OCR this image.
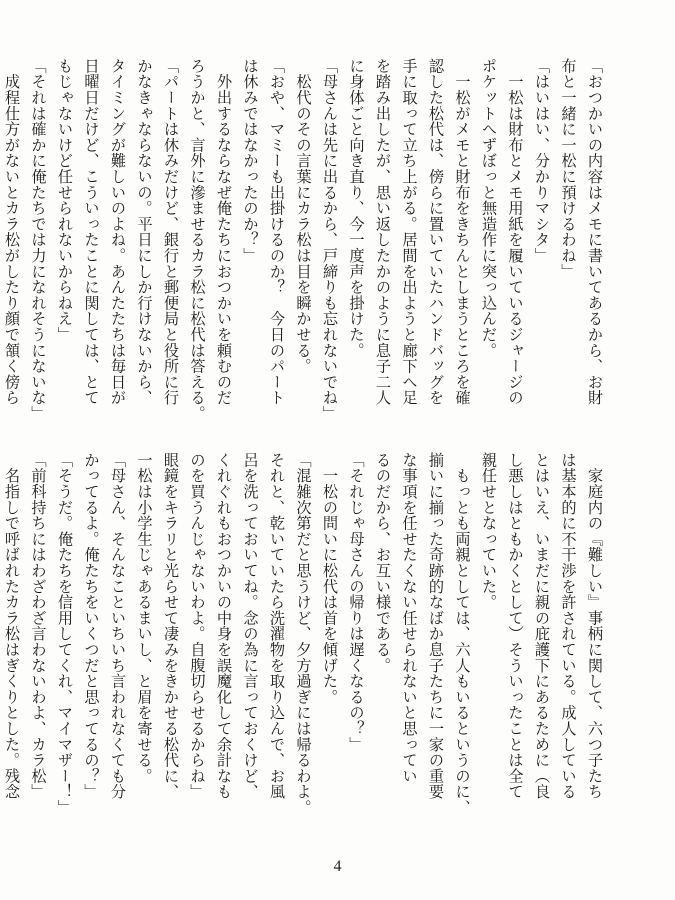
「おつかいの内容はメモに書いてあるから、お財
布と一緒に一松に預けるわね」
「はいはい、分かりマシタ」
　一松は財布とメモ用紙を履いているジャージの
ポケットへずぼっと無造作に突っ込んだ。
　一松がメモと財布をきちんとしまうところを確
認した松代は、傍らに置いていたハンドバッグを
手に取って立ち上がる。居間を出ようと廊下へ足
を踏み出したが、思い返したかのように息子二人
に身体ごと向き直り、今一度声を掛けた。
「母さんは先に出るから、戸締りも忘れないでね」
　松代のその言葉にカラ松は目を瞬かせる。
「おや、マミーも出掛けるのか？　今日のパート
は休みではなかったのか？」
　外出するならなぜ俺たちにおつかいを頼むのだ
ろうかと、言外に滲ませるカラ松に松代は答える。
「パートは休みだけど、銀行と郵便局と役所に行
かなきゃならないの。平日にしか行けないから、
タイミングが難しいのよね。あんたたちは毎日が
日曜日だけど、こういったことに関しては、とて
もじゃないけど任せられないからねえ」
「それは確かに俺たちでは力になれそうにないな」
　成程仕方がないとカラ松がしたり顔で頷く傍ら
　家庭内の『難しい』事柄に関して、六つ子たち
は基本的に不干渉を許されている。成人している
とはいえ、いまだに親の庇護下にあるために（良
し悪しはともかくとして）そういったことは全て
親任せとなっていた。
　もっとも両親としては、六人もいるというのに、
揃いに揃った奇跡的なばか息子たちに一家の重要
な事項を任せたくない任せられないと思ってい
るのだから、お互い様である。
「それじゃ母さんの帰りは遅くなるの？」
　一松の問いに松代は首を傾げた。
「混雑次第だと思うけど、夕方過ぎには帰るわよ。
それと、乾いていたら洗濯物を取り込んで、お風
呂を洗っておいてね。念の為に言っておくけど、
くれぐれもおつかいの中身を誤魔化して余計なも
のを買うんじゃないわよ。自腹切らせるからね」
眼鏡をキラリと光らせて凄みをきかせる松代に、
一松は小学生じゃあるまいし、と眉を寄せる。
「母さん、そんなこといちいち言われなくても分
かってるよ。俺たちをいくつだと思ってるの？」
「そうだ。俺たちを信用してくれ、マイマザー！」
「前科持ちにはわざわざ言わないわよ、カラ松」
　名指しで呼ばれたカラ松はぎくりとした。残念
4
